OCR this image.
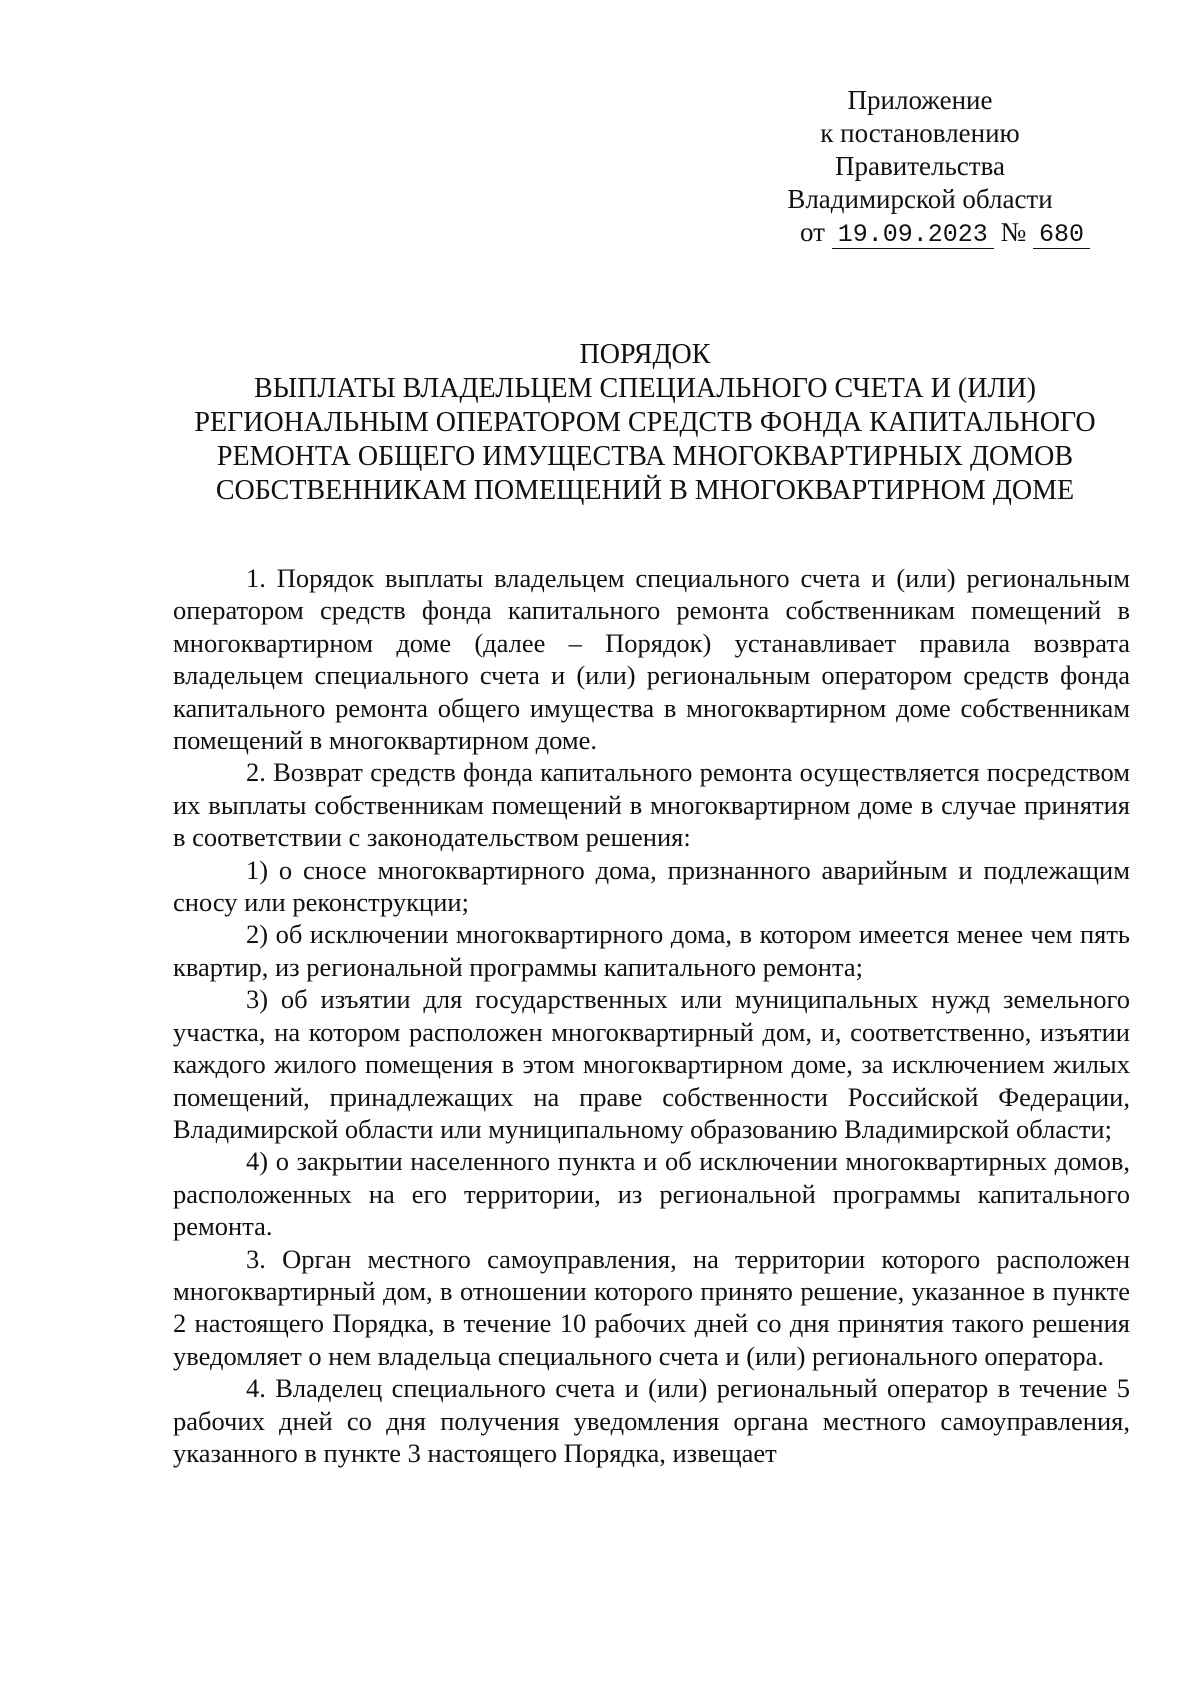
Приложение
к постановлению
Правительства
Владимирской области
от 19.09.2023 № 680
ПОРЯДОК
ВЫПЛАТЫ ВЛАДЕЛЬЦЕМ СПЕЦИАЛЬНОГО СЧЕТА И (ИЛИ)
РЕГИОНАЛЬНЫМ ОПЕРАТОРОМ СРЕДСТВ ФОНДА КАПИТАЛЬНОГО
РЕМОНТА ОБЩЕГО ИМУЩЕСТВА МНОГОКВАРТИРНЫХ ДОМОВ
СОБСТВЕННИКАМ ПОМЕЩЕНИЙ В МНОГОКВАРТИРНОМ ДОМЕ

1. Порядок выплаты владельцем специального счета и (или) региональным оператором средств фонда капитального ремонта собственникам помещений в многоквартирном доме (далее – Порядок) устанавливает правила возврата владельцем специального счета и (или) региональным оператором средств фонда капитального ремонта общего имущества в многоквартирном доме собственникам помещений в многоквартирном доме.

2. Возврат средств фонда капитального ремонта осуществляется посредством их выплаты собственникам помещений в многоквартирном доме в случае принятия в соответствии с законодательством решения:

1) о сносе многоквартирного дома, признанного аварийным и подлежащим сносу или реконструкции;

2) об исключении многоквартирного дома, в котором имеется менее чем пять квартир, из региональной программы капитального ремонта;

3) об изъятии для государственных или муниципальных нужд земельного участка, на котором расположен многоквартирный дом, и, соответственно, изъятии каждого жилого помещения в этом многоквартирном доме, за исключением жилых помещений, принадлежащих на праве собственности Российской Федерации, Владимирской области или муниципальному образованию Владимирской области;

4) о закрытии населенного пункта и об исключении многоквартирных домов, расположенных на его территории, из региональной программы капитального ремонта.

3. Орган местного самоуправления, на территории которого расположен многоквартирный дом, в отношении которого принято решение, указанное в пункте 2 настоящего Порядка, в течение 10 рабочих дней со дня принятия такого решения уведомляет о нем владельца специального счета и (или) регионального оператора.

4. Владелец специального счета и (или) региональный оператор в течение 5 рабочих дней со дня получения уведомления органа местного самоуправления, указанного в пункте 3 настоящего Порядка, извещает
